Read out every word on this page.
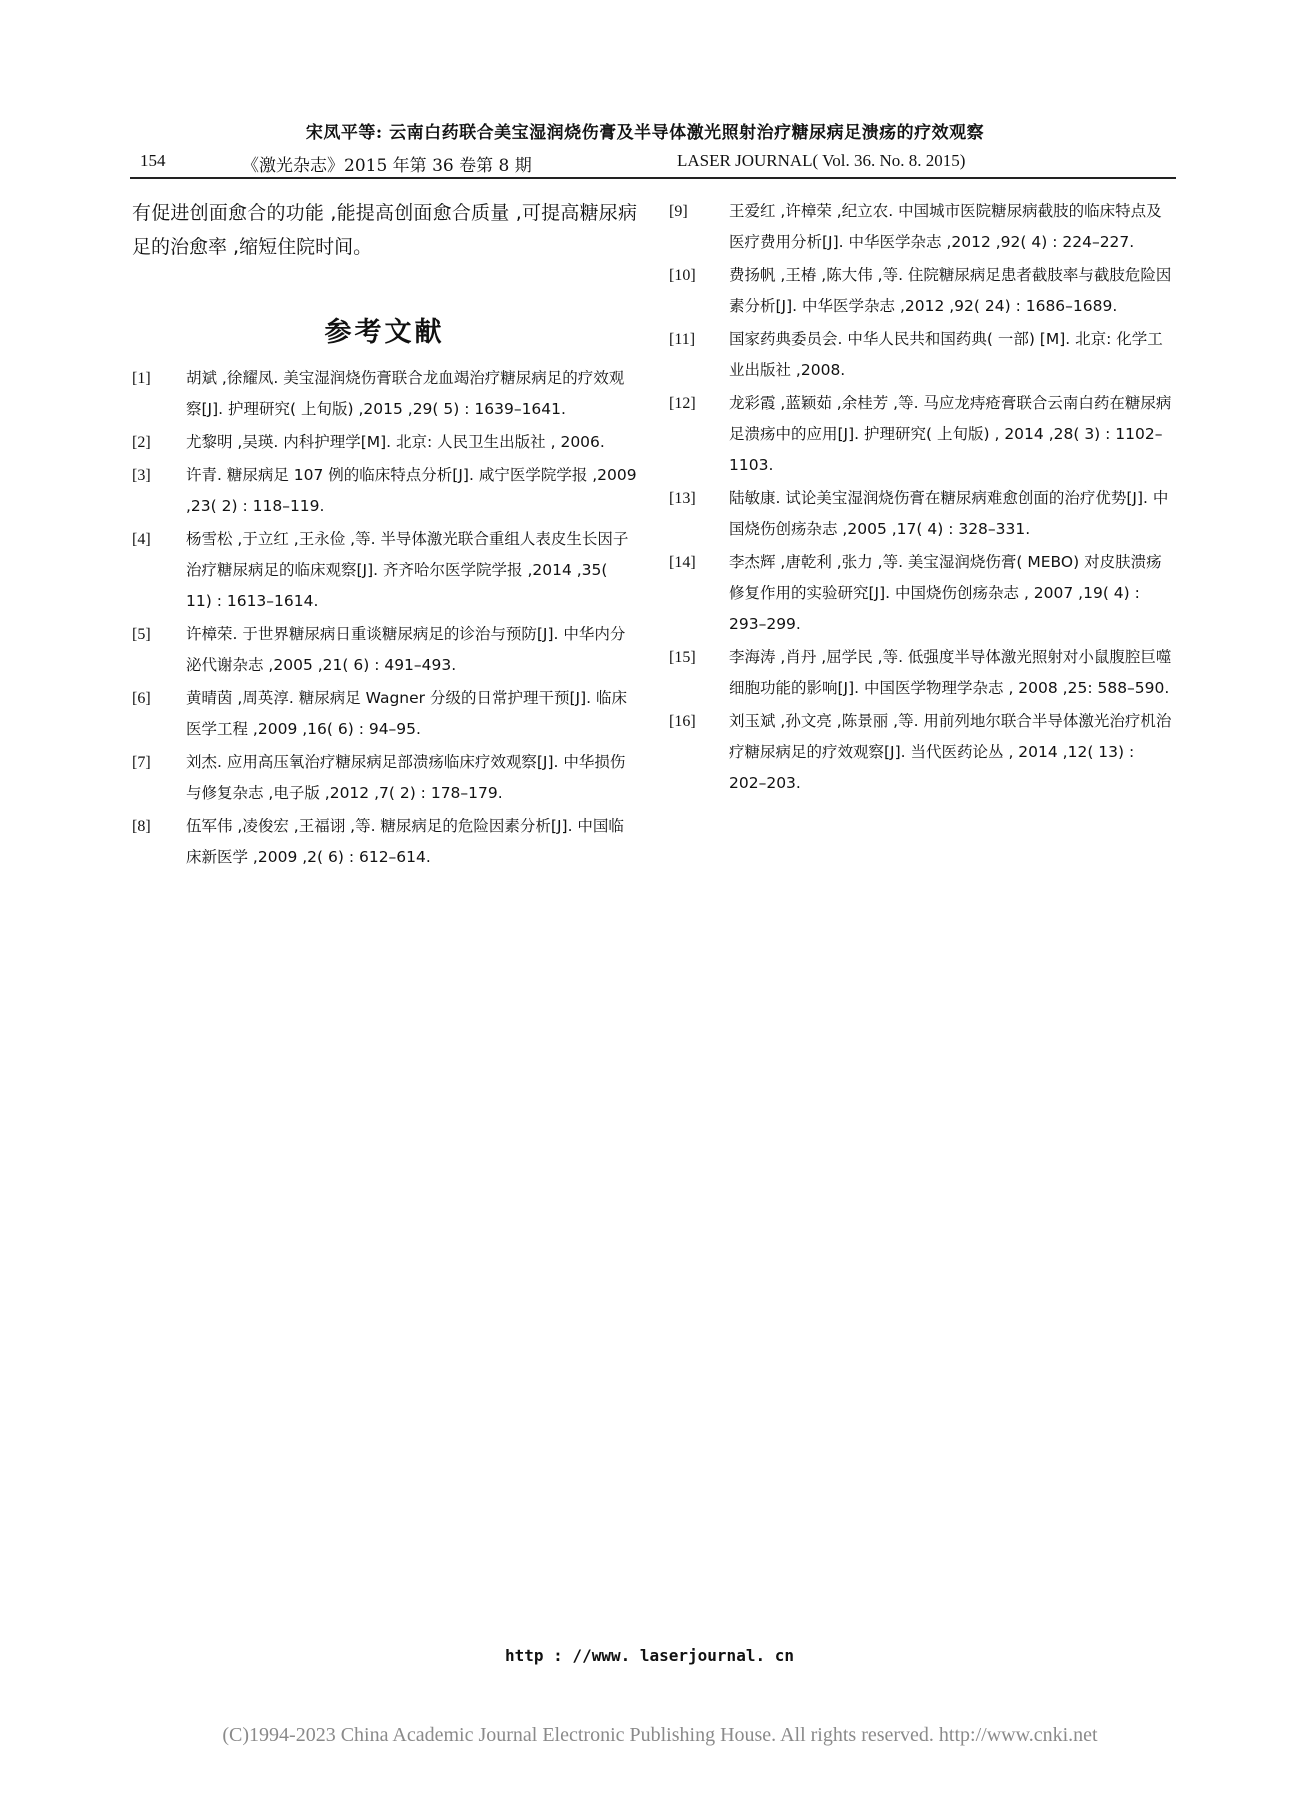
宋凤平等: 云南白药联合美宝湿润烧伤膏及半导体激光照射治疗糖尿病足溃疡的疗效观察
154	《激光杂志》2015 年第 36 卷第 8 期	LASER JOURNAL( Vol. 36. No. 8. 2015)

有促进创面愈合的功能 ,能提高创面愈合质量 ,可提高糖尿病足的治愈率 ,缩短住院时间。

参考文献
[1]	胡斌 ,徐耀凤. 美宝湿润烧伤膏联合龙血竭治疗糖尿病足的疗效观察[J]. 护理研究( 上旬版) ,2015 ,29( 5) : 1639–1641.
[2]	尤黎明 ,吴瑛. 内科护理学[M]. 北京: 人民卫生出版社 , 2006.
[3]	许青. 糖尿病足 107 例的临床特点分析[J]. 咸宁医学院学报 ,2009 ,23( 2) : 118–119.
[4]	杨雪松 ,于立红 ,王永俭 ,等. 半导体激光联合重组人表皮生长因子治疗糖尿病足的临床观察[J]. 齐齐哈尔医学院学报 ,2014 ,35( 11) : 1613–1614.
[5]	许樟荣. 于世界糖尿病日重谈糖尿病足的诊治与预防[J]. 中华内分泌代谢杂志 ,2005 ,21( 6) : 491–493.
[6]	黄晴茵 ,周英淳. 糖尿病足 Wagner 分级的日常护理干预[J]. 临床医学工程 ,2009 ,16( 6) : 94–95.
[7]	刘杰. 应用高压氧治疗糖尿病足部溃疡临床疗效观察[J]. 中华损伤与修复杂志 ,电子版 ,2012 ,7( 2) : 178–179.
[8]	伍军伟 ,凌俊宏 ,王福诩 ,等. 糖尿病足的危险因素分析[J]. 中国临床新医学 ,2009 ,2( 6) : 612–614.
[9]	王爱红 ,许樟荣 ,纪立农. 中国城市医院糖尿病截肢的临床特点及医疗费用分析[J]. 中华医学杂志 ,2012 ,92( 4) : 224–227.
[10]	费扬帆 ,王椿 ,陈大伟 ,等. 住院糖尿病足患者截肢率与截肢危险因素分析[J]. 中华医学杂志 ,2012 ,92( 24) : 1686–1689.
[11]	国家药典委员会. 中华人民共和国药典( 一部) [M]. 北京: 化学工业出版社 ,2008.
[12]	龙彩霞 ,蓝颖茹 ,余桂芳 ,等. 马应龙痔疮膏联合云南白药在糖尿病足溃疡中的应用[J]. 护理研究( 上旬版) , 2014 ,28( 3) : 1102–1103.
[13]	陆敏康. 试论美宝湿润烧伤膏在糖尿病难愈创面的治疗优势[J]. 中国烧伤创疡杂志 ,2005 ,17( 4) : 328–331.
[14]	李杰辉 ,唐乾利 ,张力 ,等. 美宝湿润烧伤膏( MEBO) 对皮肤溃疡修复作用的实验研究[J]. 中国烧伤创疡杂志 , 2007 ,19( 4) : 293–299.
[15]	李海涛 ,肖丹 ,屈学民 ,等. 低强度半导体激光照射对小鼠腹腔巨噬细胞功能的影响[J]. 中国医学物理学杂志 , 2008 ,25: 588–590.
[16]	刘玉斌 ,孙文亮 ,陈景丽 ,等. 用前列地尔联合半导体激光治疗机治疗糖尿病足的疗效观察[J]. 当代医药论丛 , 2014 ,12( 13) : 202–203.
http : //www. laserjournal. cn
(C)1994-2023 China Academic Journal Electronic Publishing House. All rights reserved. http://www.cnki.net
